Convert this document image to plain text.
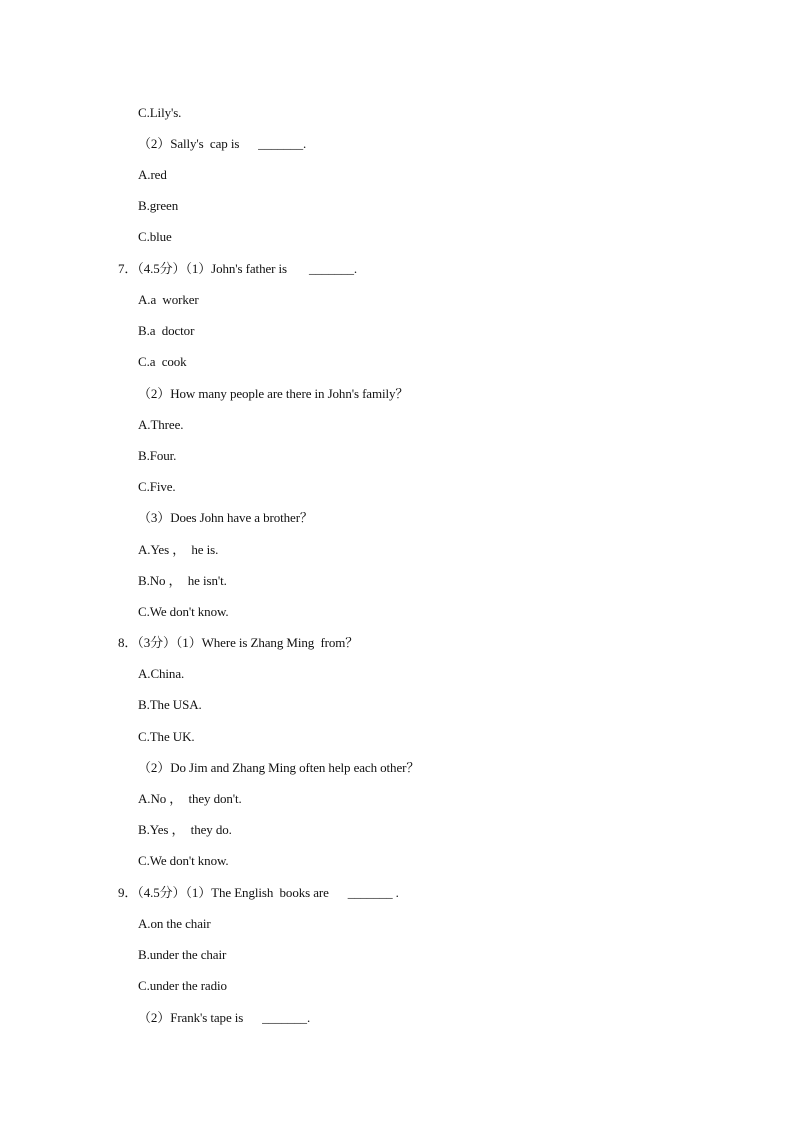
C.Lily's.
（2）Sally's  cap is      _______.
A.red
B.green
C.blue
7．（4.5分）（1）John's father is       _______.
A.a  worker
B.a  doctor
C.a  cook
（2）How many people are there in John's family？
A.Three.
B.Four.
C.Five.
（3）Does John have a brother？
A.Yes ，  he is.
B.No ，  he isn't.
C.We don't know.
8．（3分）（1）Where is Zhang Ming  from？
A.China.
B.The USA.
C.The UK.
（2）Do Jim and Zhang Ming often help each other？
A.No ，  they don't.
B.Yes ，  they do.
C.We don't know.
9．（4.5分）（1）The English  books are      _______ .
A.on the chair
B.under the chair
C.under the radio
（2）Frank's tape is      _______.
